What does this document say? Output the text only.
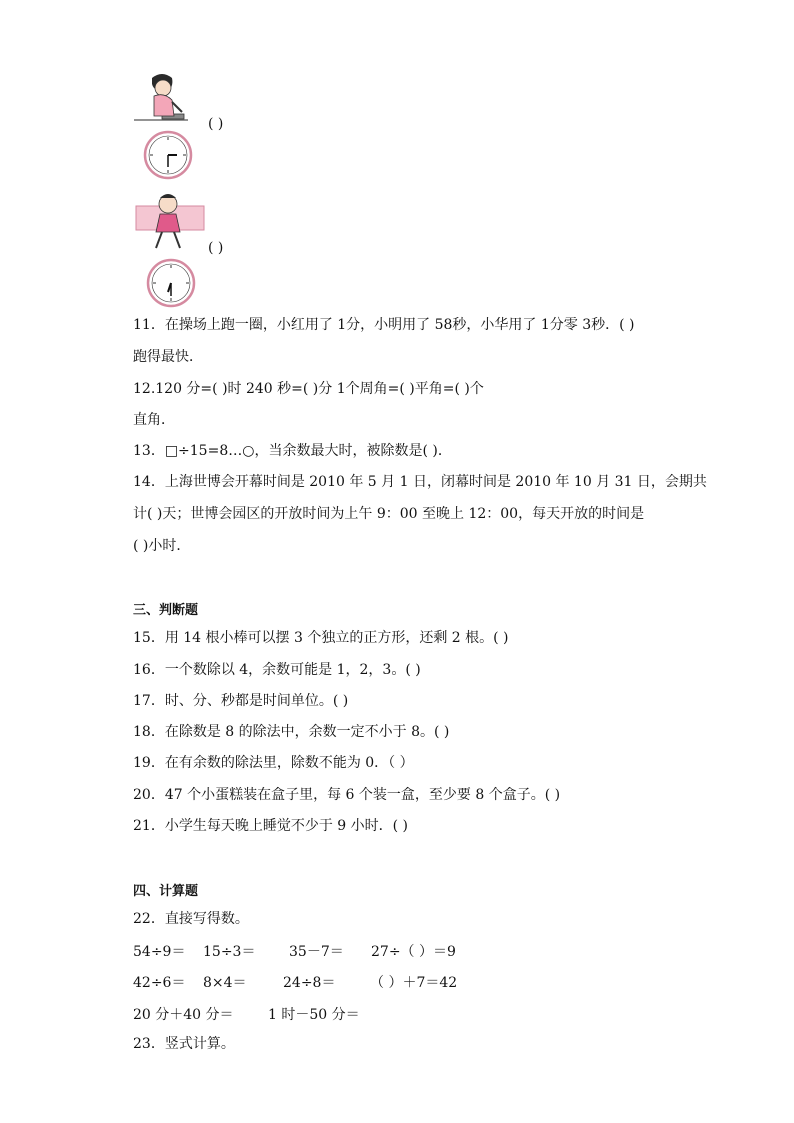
( )
( )
11．在操场上跑一圈，小红用了 1分，小明用了 58秒，小华用了 1分零 3秒．( )
跑得最快．
12.120 分=( )时 240 秒=( )分 1个周角=( )平角=( )个
直角．
13．□÷15=8…○，当余数最大时，被除数是( )．
14．上海世博会开幕时间是 2010 年 5 月 1 日，闭幕时间是 2010 年 10 月 31 日，会期共
计( )天；世博会园区的开放时间为上午 9：00 至晚上 12：00，每天开放的时间是
( )小时．
三、判断题
15．用 14 根小棒可以摆 3 个独立的正方形，还剩 2 根。( )
16．一个数除以 4，余数可能是 1，2，3。( )
17．时、分、秒都是时间单位。( )
18．在除数是 8 的除法中，余数一定不小于 8。( )
19．在有余数的除法里，除数不能为 0．（ ）
20．47 个小蛋糕装在盒子里，每 6 个装一盒，至少要 8 个盒子。( )
21．小学生每天晚上睡觉不少于 9 小时．( )
四、计算题
22．直接写得数。
54÷9＝ 15÷3＝ 35－7＝ 27÷（ ）＝9
42÷6＝ 8×4＝	24÷8＝ （ ）＋7＝42
20 分＋40 分＝ 1 时－50 分＝
23．竖式计算。
